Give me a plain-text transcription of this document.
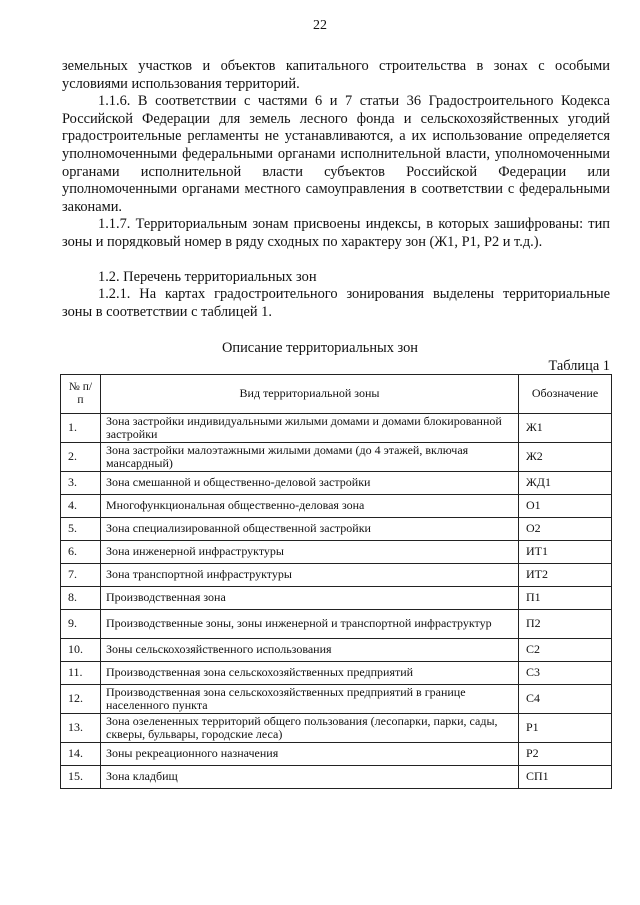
22

земельных участков и объектов капитального строительства в зонах с особыми условиями использования территорий.

1.1.6. В соответствии с частями 6 и 7 статьи 36 Градостроительного Кодекса Российской Федерации для земель лесного фонда и сельскохозяйственных угодий градостроительные регламенты не устанавливаются, а их использование определяется уполномоченными федеральными органами исполнительной власти, уполномоченными органами исполнительной власти субъектов Российской Федерации или уполномоченными органами местного самоуправления в соответствии с федеральными законами.

1.1.7. Территориальным зонам присвоены индексы, в которых зашифрованы: тип зоны и порядковый номер в ряду сходных по характеру зон (Ж1, Р1, Р2 и т.д.).

1.2. Перечень территориальных зон

1.2.1. На картах градостроительного зонирования выделены территориальные зоны в соответствии с таблицей 1.

Описание территориальных зон
Таблица 1
№ п/п	Вид территориальной зоны	Обозначение
1.	Зона застройки индивидуальными жилыми домами и домами блокированной застройки	Ж1
2.	Зона застройки малоэтажными жилыми домами (до 4 этажей, включая мансардный)	Ж2
3.	Зона смешанной и общественно-деловой застройки	ЖД1
4.	Многофункциональная общественно-деловая зона	О1
5.	Зона специализированной общественной застройки	О2
6.	Зона инженерной инфраструктуры	ИТ1
7.	Зона транспортной инфраструктуры	ИТ2
8.	Производственная зона	П1
9.	Производственные зоны, зоны инженерной и транспортной инфраструктур	П2
10.	Зоны сельскохозяйственного использования	С2
11.	Производственная зона сельскохозяйственных предприятий	С3
12.	Производственная зона сельскохозяйственных предприятий в границе населенного пункта	С4
13.	Зона озелененных территорий общего пользования (лесопарки, парки, сады, скверы, бульвары, городские леса)	Р1
14.	Зоны рекреационного назначения	Р2
15.	Зона кладбищ	СП1
